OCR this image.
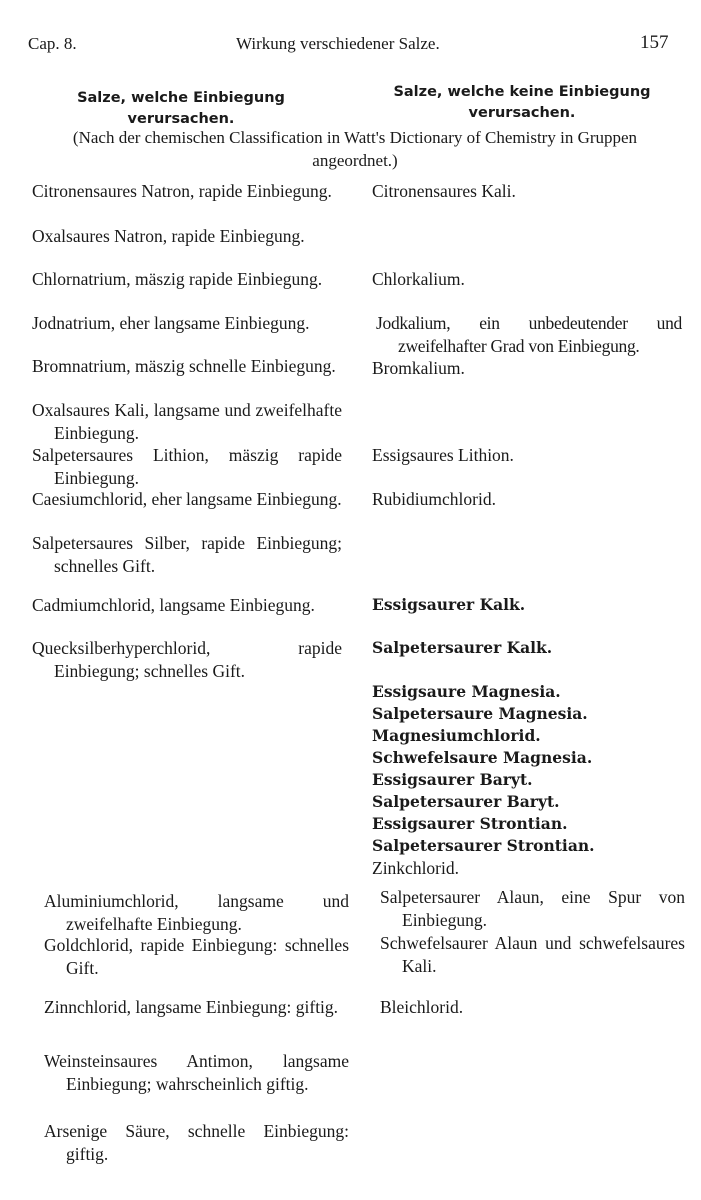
Cap. 8.	Wirkung verschiedener Salze.	157
Salze, welche Einbiegung verursachen.
Salze, welche keine Einbiegung verursachen.
(Nach der chemischen Classification in Watt's Dictionary of Chemistry in Gruppen angeordnet.)
Citronensaures Natron, rapide Einbiegung.
Oxalsaures Natron, rapide Einbiegung.
Chlornatrium, mäszig rapide Einbiegung.
Jodnatrium, eher langsame Einbiegung.
Bromnatrium, mäszig schnelle Einbiegung.
Oxalsaures Kali, langsame und zweifelhafte Einbiegung.
Salpetersaures Lithion, mäszig rapide Einbiegung.
Caesiumchlorid, eher langsame Einbiegung.
Salpetersaures Silber, rapide Einbiegung; schnelles Gift.
Cadmiumchlorid, langsame Einbiegung.
Quecksilberhyperchlorid, rapide Einbiegung; schnelles Gift.
Aluminiumchlorid, langsame und zweifelhafte Einbiegung.
Goldchlorid, rapide Einbiegung: schnelles Gift.
Zinnchlorid, langsame Einbiegung: giftig.
Weinsteinsaures Antimon, langsame Einbiegung; wahrscheinlich giftig.
Arsenige Säure, schnelle Einbiegung: giftig.
Citronensaures Kali.
Chlorkalium.
Jodkalium, ein unbedeutender und zweifelhafter Grad von Einbiegung.
Bromkalium.
Essigsaures Lithion.
Rubidiumchlorid.
Essigsaurer Kalk.
Salpetersaurer Kalk.
Essigsaure Magnesia.
Salpetersaure Magnesia.
Magnesiumchlorid.
Schwefelsaure Magnesia.
Essigsaurer Baryt.
Salpetersaurer Baryt.
Essigsaurer Strontian.
Salpetersaurer Strontian.
Zinkchlorid.
Salpetersaurer Alaun, eine Spur von Einbiegung.
Schwefelsaurer Alaun und schwefelsaures Kali.
Bleichlorid.
